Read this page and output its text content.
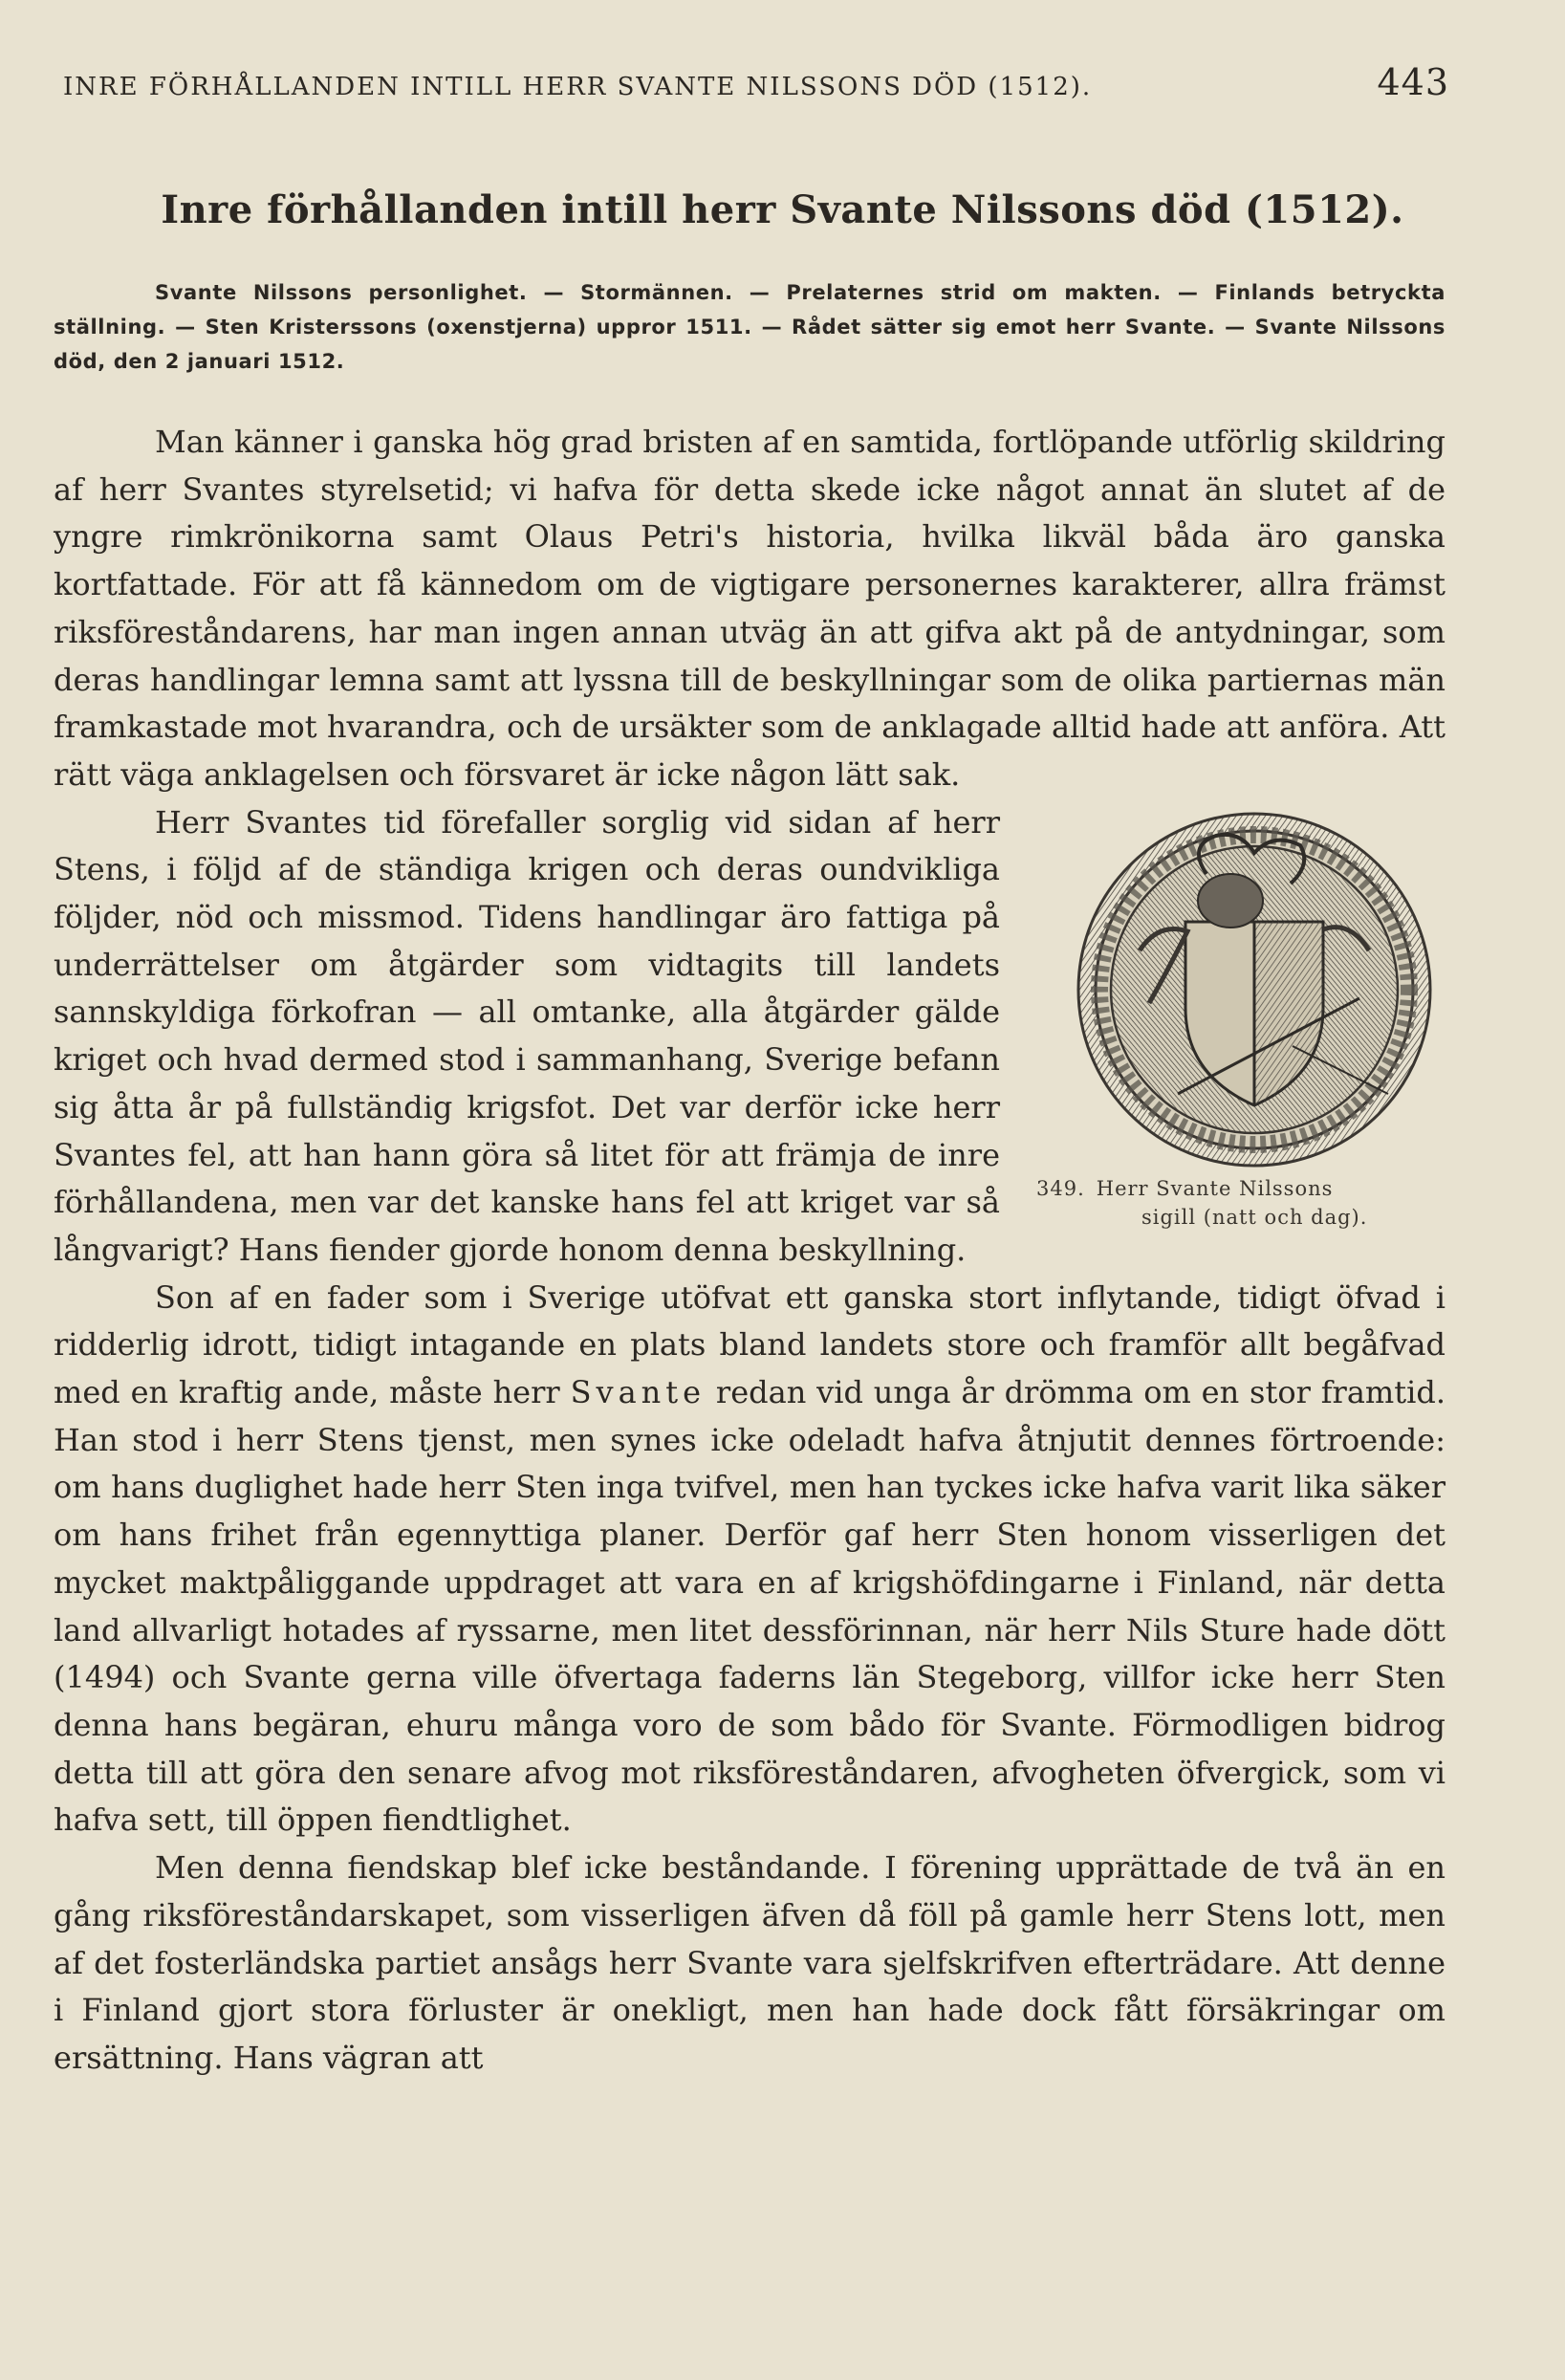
INRE FÖRHÅLLANDEN INTILL HERR SVANTE NILSSONS DÖD (1512).	443
Inre förhållanden intill herr Svante Nilssons död (1512).
Svante Nilssons personlighet. — Stormännen. — Prelaternes strid om makten. — Finlands betryckta ställning. — Sten Kristerssons (oxenstjerna) uppror 1511. — Rådet sätter sig emot herr Svante. — Svante Nilssons död, den 2 januari 1512.

Man känner i ganska hög grad bristen af en samtida, fortlöpande utförlig skildring af herr Svantes styrelsetid; vi hafva för detta skede icke något annat än slutet af de yngre rimkrönikorna samt Olaus Petri's historia, hvilka likväl båda äro ganska kortfattade. För att få kännedom om de vigtigare personernes karakterer, allra främst riksföreståndarens, har man ingen annan utväg än att gifva akt på de antydningar, som deras handlingar lemna samt att lyssna till de beskyllningar som de olika partiernas män framkastade mot hvarandra, och de ursäkter som de anklagade alltid hade att anföra. Att rätt väga anklagelsen och försvaret är icke någon lätt sak.

349. Herr Svante Nilssons
sigill (natt och dag).

Herr Svantes tid förefaller sorglig vid sidan af herr Stens, i följd af de ständiga krigen och deras oundvikliga följder, nöd och missmod. Tidens handlingar äro fattiga på underrättelser om åtgärder som vidtagits till landets sannskyldiga förkofran — all omtanke, alla åtgärder gälde kriget och hvad dermed stod i sammanhang, Sverige befann sig åtta år på fullständig krigsfot. Det var derför icke herr Svantes fel, att han hann göra så litet för att främja de inre förhållandena, men var det kanske hans fel att kriget var så långvarigt? Hans fiender gjorde honom denna beskyllning.

Son af en fader som i Sverige utöfvat ett ganska stort inflytande, tidigt öfvad i ridderlig idrott, tidigt intagande en plats bland landets store och framför allt begåfvad med en kraftig ande, måste herr Svante redan vid unga år drömma om en stor framtid. Han stod i herr Stens tjenst, men synes icke odeladt hafva åtnjutit dennes förtroende: om hans duglighet hade herr Sten inga tvifvel, men han tyckes icke hafva varit lika säker om hans frihet från egennyttiga planer. Derför gaf herr Sten honom visserligen det mycket maktpåliggande uppdraget att vara en af krigshöfdingarne i Finland, när detta land allvarligt hotades af ryssarne, men litet dessförinnan, när herr Nils Sture hade dött (1494) och Svante gerna ville öfvertaga faderns län Stegeborg, villfor icke herr Sten denna hans begäran, ehuru många voro de som bådo för Svante. Förmodligen bidrog detta till att göra den senare afvog mot riksföreståndaren, afvogheten öfvergick, som vi hafva sett, till öppen fiendtlighet.

Men denna fiendskap blef icke beståndande. I förening upprättade de två än en gång riksföreståndarskapet, som visserligen äfven då föll på gamle herr Stens lott, men af det fosterländska partiet ansågs herr Svante vara sjelfskrifven efterträdare. Att denne i Finland gjort stora förluster är onekligt, men han hade dock fått försäkringar om ersättning. Hans vägran att
